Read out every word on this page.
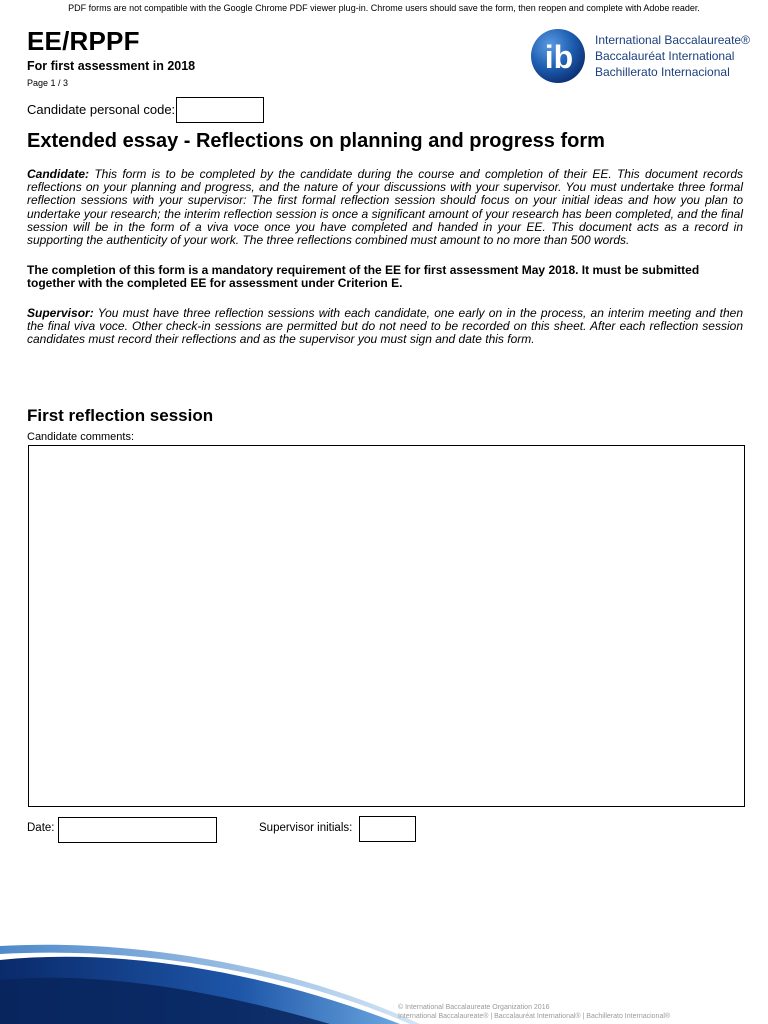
PDF forms are not compatible with the Google Chrome PDF viewer plug-in. Chrome users should save the form, then reopen and complete with Adobe reader.
EE/RPPF
For first assessment in 2018
Page 1 / 3
ib International Baccalaureate®
Baccalauréat International
Bachillerato Internacional
Candidate personal code:
Extended essay - Reflections on planning and progress form
Candidate: This form is to be completed by the candidate during the course and completion of their EE. This document records reflections on your planning and progress, and the nature of your discussions with your supervisor. You must undertake three formal reflection sessions with your supervisor: The first formal reflection session should focus on your initial ideas and how you plan to undertake your research; the interim reflection session is once a significant amount of your research has been completed, and the final session will be in the form of a viva voce once you have completed and handed in your EE. This document acts as a record in supporting the authenticity of your work. The three reflections combined must amount to no more than 500 words.
The completion of this form is a mandatory requirement of the EE for first assessment May 2018. It must be submitted together with the completed EE for assessment under Criterion E.
Supervisor: You must have three reflection sessions with each candidate, one early on in the process, an interim meeting and then the final viva voce. Other check-in sessions are permitted but do not need to be recorded on this sheet. After each reflection session candidates must record their reflections and as the supervisor you must sign and date this form.
First reflection session
Candidate comments:
Date:	Supervisor initials:
© International Baccalaureate Organization 2016
International Baccalaureate® | Baccalauréat International® | Bachillerato Internacional®
